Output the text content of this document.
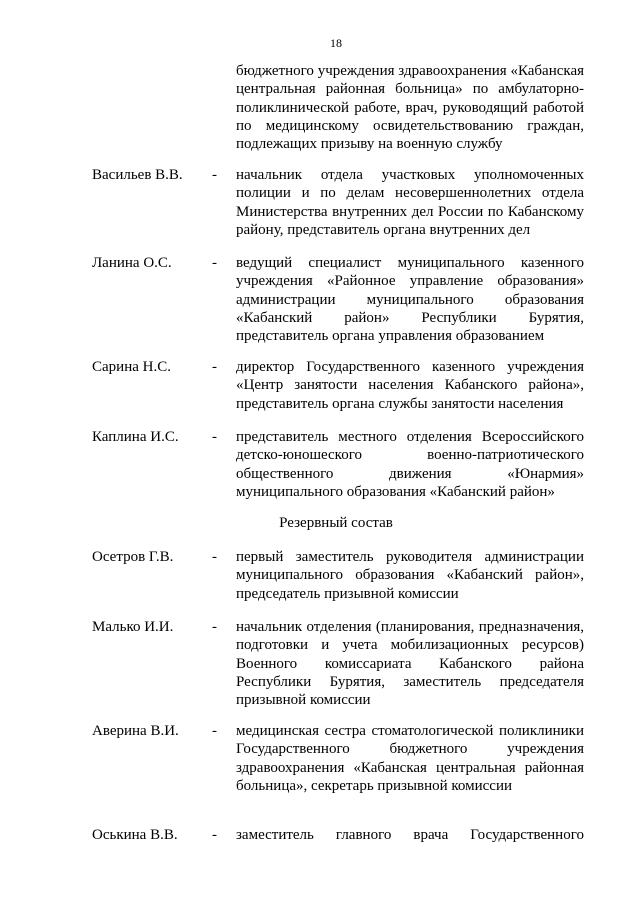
18
бюджетного учреждения здравоохранения «Кабанская
центральная районная больница» по амбулаторно-
поликлинической работе, врач, руководящий работой
по медицинскому освидетельствованию граждан,
подлежащих призыву на военную службу
Васильев В.В. - начальник отдела участковых уполномоченных
полиции и по делам несовершеннолетних отдела
Министерства внутренних дел России по Кабанскому
району, представитель органа внутренних дел
Ланина О.С.	- ведущий специалист муниципального казенного
учреждения «Районное управление образования»
администрации муниципального образования
«Кабанский район» Республики Бурятия,
представитель органа управления образованием
Сарина Н.С.	- директор Государственного казенного учреждения
«Центр занятости населения Кабанского района»,
представитель органа службы занятости населения
Каплина И.С. - представитель местного отделения Всероссийского
детско-юношеского военно-патриотического
общественного движения «Юнармия»
муниципального образования «Кабанский район»
Резервный состав
Осетров Г.В.	- первый заместитель руководителя администрации
муниципального образования «Кабанский район»,
председатель призывной комиссии
Малько И.И.	- начальник отделения (планирования, предназначения,
подготовки и учета мобилизационных ресурсов)
Военного комиссариата Кабанского района
Республики Бурятия, заместитель председателя
призывной комиссии
Аверина В.И. - медицинская сестра стоматологической поликлиники
Государственного бюджетного учреждения
здравоохранения «Кабанская центральная районная
больница», секретарь призывной комиссии
Оськина В.В. - заместитель главного врача Государственного
